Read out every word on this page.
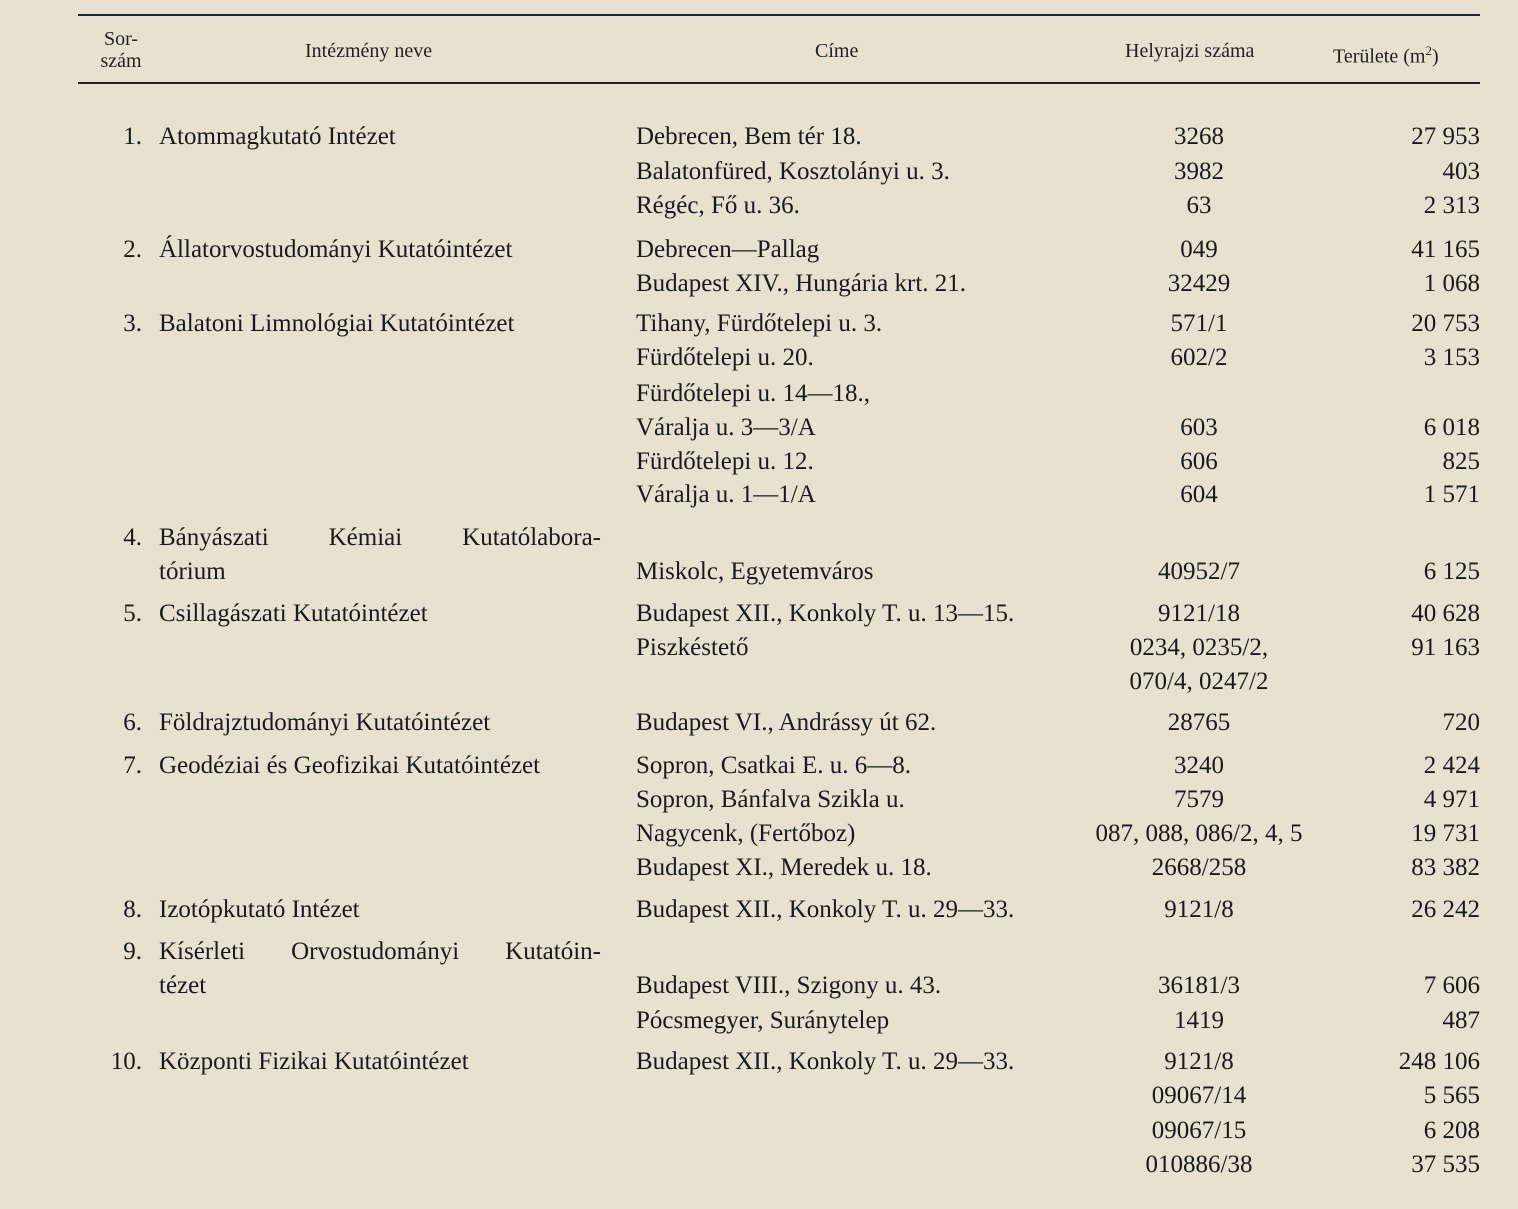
Sor-
szám	Intézmény neve	Címe	Helyrajzi száma	Területe $(m^2)$
1. Atommagkutató Intézet	Debrecen, Bem tér 18.	3268	27 953
Balatonfüred, Kosztolányi u. 3.	3982	403
Régéc, Fő u. 36.	63	2 313
2. Állatorvostudományi Kutatóintézet	Debrecen—Pallag	049	41 165
Budapest XIV., Hungária krt. 21.	32429	1 068
3. Balatoni Limnológiai Kutatóintézet	Tihany, Fürdőtelepi u. 3.	571/1	20 753
Fürdőtelepi u. 20.	602/2	3 153
Fürdőtelepi u. 14—18.,
Váralja u. 3—3/A	603	6 018
Fürdőtelepi u. 12.	606	825
Váralja u. 1—1/A	604	1 571
4. Bányászati Kémiai Kutatólabora-
tórium	Miskolc, Egyetemváros	40952/7	6 125
5. Csillagászati Kutatóintézet	Budapest XII., Konkoly T. u. 13—15.	9121/18	40 628
Piszkéstető	0234, 0235/2,	91 163
070/4, 0247/2
6. Földrajztudományi Kutatóintézet	Budapest VI., Andrássy út 62.	28765	720
7. Geodéziai és Geofizikai Kutatóintézet	Sopron, Csatkai E. u. 6—8.	3240	2 424
Sopron, Bánfalva Szikla u.	7579	4 971
Nagycenk, (Fertőboz)	087, 088, 086/2, 4, 5	19 731
Budapest XI., Meredek u. 18.	2668/258	83 382
8. Izotópkutató Intézet	Budapest XII., Konkoly T. u. 29—33.	9121/8	26 242
9. Kísérleti Orvostudományi Kutatóin-
tézet	Budapest VIII., Szigony u. 43.	36181/3	7 606
Pócsmegyer, Suránytelep	1419	487
10. Központi Fizikai Kutatóintézet	Budapest XII., Konkoly T. u. 29—33.	9121/8	248 106
09067/14	5 565
09067/15	6 208
010886/38	37 535
